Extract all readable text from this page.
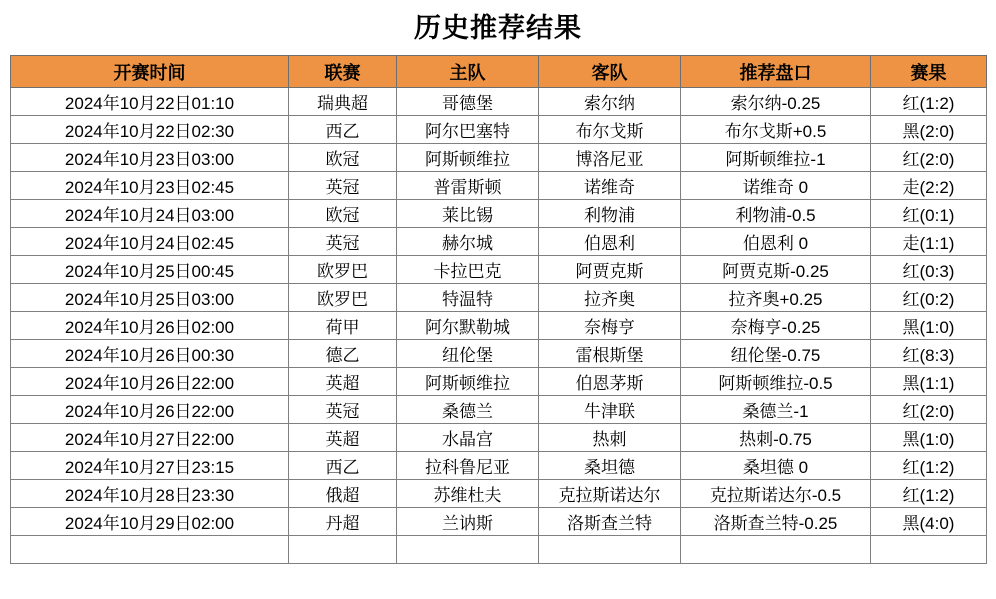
历史推荐结果
开赛时间	联赛	主队	客队	推荐盘口	赛果
2024年10月22日01:10	瑞典超	哥德堡	索尔纳	索尔纳-0.25	红(1:2)
2024年10月22日02:30	西乙	阿尔巴塞特	布尔戈斯	布尔戈斯+0.5	黑(2:0)
2024年10月23日03:00	欧冠	阿斯顿维拉	博洛尼亚	阿斯顿维拉-1	红(2:0)
2024年10月23日02:45	英冠	普雷斯顿	诺维奇	诺维奇 0	走(2:2)
2024年10月24日03:00	欧冠	莱比锡	利物浦	利物浦-0.5	红(0:1)
2024年10月24日02:45	英冠	赫尔城	伯恩利	伯恩利 0	走(1:1)
2024年10月25日00:45	欧罗巴	卡拉巴克	阿贾克斯	阿贾克斯-0.25	红(0:3)
2024年10月25日03:00	欧罗巴	特温特	拉齐奥	拉齐奥+0.25	红(0:2)
2024年10月26日02:00	荷甲	阿尔默勒城	奈梅亨	奈梅亨-0.25	黑(1:0)
2024年10月26日00:30	德乙	纽伦堡	雷根斯堡	纽伦堡-0.75	红(8:3)
2024年10月26日22:00	英超	阿斯顿维拉	伯恩茅斯	阿斯顿维拉-0.5	黑(1:1)
2024年10月26日22:00	英冠	桑德兰	牛津联	桑德兰-1	红(2:0)
2024年10月27日22:00	英超	水晶宫	热刺	热刺-0.75	黑(1:0)
2024年10月27日23:15	西乙	拉科鲁尼亚	桑坦德	桑坦德 0	红(1:2)
2024年10月28日23:30	俄超	苏维杜夫	克拉斯诺达尔	克拉斯诺达尔-0.5	红(1:2)
2024年10月29日02:00	丹超	兰讷斯	洛斯查兰特	洛斯查兰特-0.25	黑(4:0)
